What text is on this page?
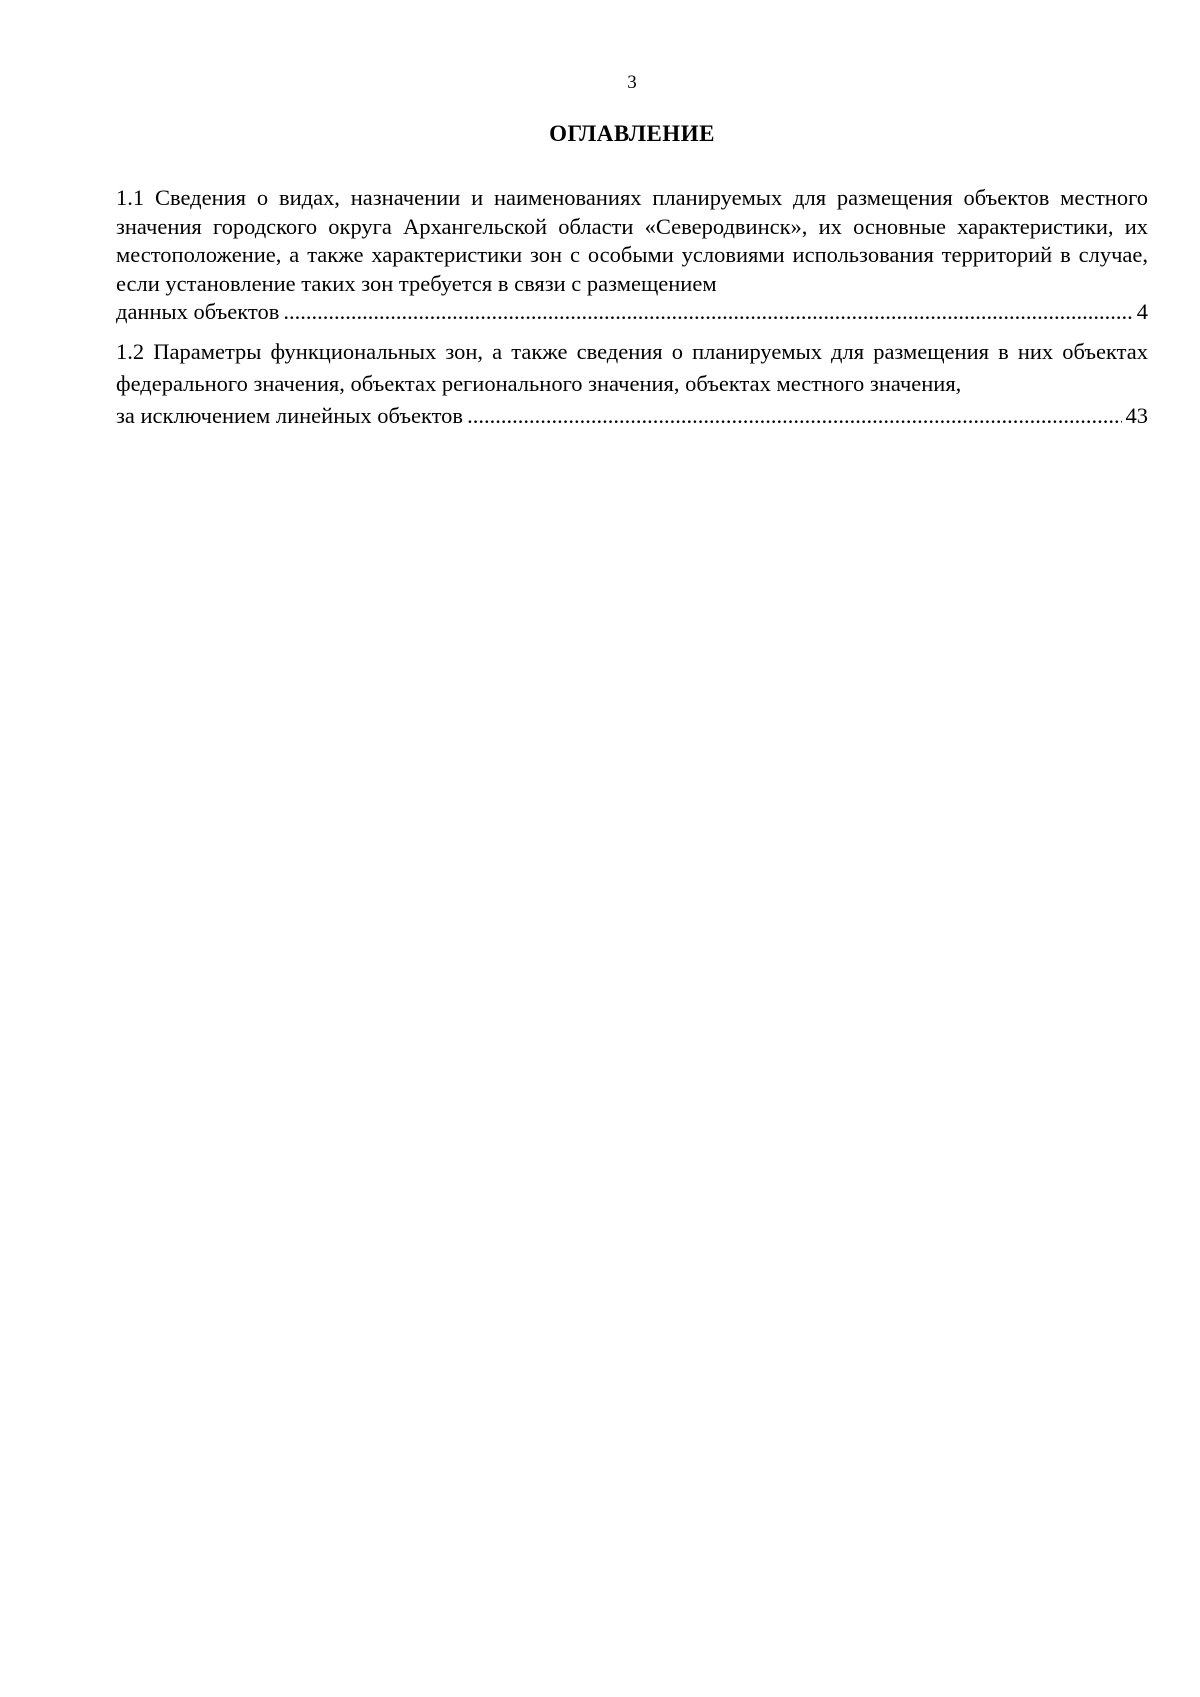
3
ОГЛАВЛЕНИЕ
1.1 Сведения о видах, назначении и наименованиях планируемых для размещения объектов местного значения городского округа Архангельской области «Северодвинск», их основные характеристики, их местоположение, а также характеристики зон с особыми условиями использования территорий в случае, если установление таких зон требуется в связи с размещением
данных объектов .....	4
1.2 Параметры функциональных зон, а также сведения о планируемых для размещения в них объектах федерального значения, объектах регионального значения, объектах местного значения,
за исключением линейных объектов .....	43
